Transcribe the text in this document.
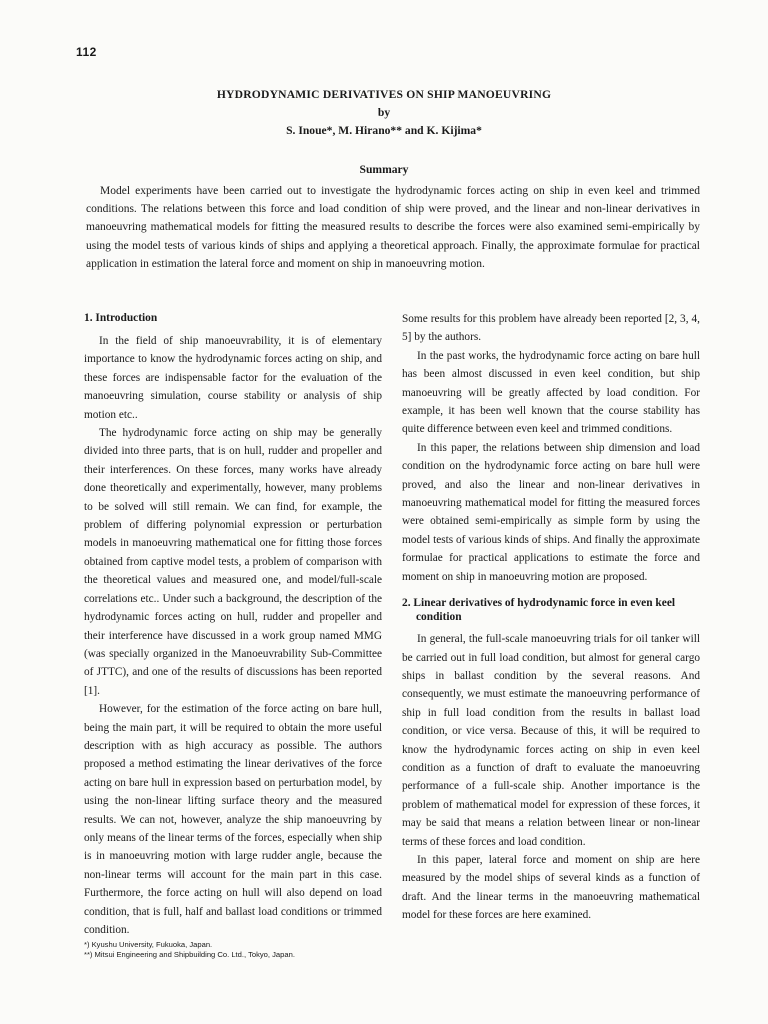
112

HYDRODYNAMIC DERIVATIVES ON SHIP MANOEUVRING

by

S. Inoue*, M. Hirano** and K. Kijima*

Summary

Model experiments have been carried out to investigate the hydrodynamic forces acting on ship in even keel and trimmed conditions. The relations between this force and load condition of ship were proved, and the linear and non-linear derivatives in manoeuvring mathematical models for fitting the measured results to describe the forces were also examined semi-empirically by using the model tests of various kinds of ships and applying a theoretical approach. Finally, the approximate formulae for practical application in estimation the lateral force and moment on ship in manoeuvring motion.

1. Introduction

In the field of ship manoeuvrability, it is of elementary importance to know the hydrodynamic forces acting on ship, and these forces are indispensable factor for the evaluation of the manoeuvring simulation, course stability or analysis of ship motion etc..

The hydrodynamic force acting on ship may be generally divided into three parts, that is on hull, rudder and propeller and their interferences. On these forces, many works have already done theoretically and experimentally, however, many problems to be solved will still remain. We can find, for example, the problem of differing polynomial expression or perturbation models in manoeuvring mathematical one for fitting those forces obtained from captive model tests, a problem of comparison with the theoretical values and measured one, and model/full-scale correlations etc.. Under such a background, the description of the hydrodynamic forces acting on hull, rudder and propeller and their interference have discussed in a work group named MMG (was specially organized in the Manoeuvrability Sub-Committee of JTTC), and one of the results of discussions has been reported [1].

However, for the estimation of the force acting on bare hull, being the main part, it will be required to obtain the more useful description with as high accuracy as possible. The authors proposed a method estimating the linear derivatives of the force acting on bare hull in expression based on perturbation model, by using the non-linear lifting surface theory and the measured results. We can not, however, analyze the ship manoeuvring by only means of the linear terms of the forces, especially when ship is in manoeuvring motion with large rudder angle, because the non-linear terms will account for the main part in this case. Furthermore, the force acting on hull will also depend on load condition, that is full, half and ballast load conditions or trimmed condition.

Some results for this problem have already been reported [2, 3, 4, 5] by the authors.

In the past works, the hydrodynamic force acting on bare hull has been almost discussed in even keel condition, but ship manoeuvring will be greatly affected by load condition. For example, it has been well known that the course stability has quite difference between even keel and trimmed conditions.

In this paper, the relations between ship dimension and load condition on the hydrodynamic force acting on bare hull were proved, and also the linear and non-linear derivatives in manoeuvring mathematical model for fitting the measured forces were obtained semi-empirically as simple form by using the model tests of various kinds of ships. And finally the approximate formulae for practical applications to estimate the force and moment on ship in manoeuvring motion are proposed.

2. Linear derivatives of hydrodynamic force in even keel condition

In general, the full-scale manoeuvring trials for oil tanker will be carried out in full load condition, but almost for general cargo ships in ballast condition by the several reasons. And consequently, we must estimate the manoeuvring performance of ship in full load condition from the results in ballast load condition, or vice versa. Because of this, it will be required to know the hydrodynamic forces acting on ship in even keel condition as a function of draft to evaluate the manoeuvring performance of a full-scale ship. Another importance is the problem of mathematical model for expression of these forces, it may be said that means a relation between linear or non-linear terms of these forces and load condition.

In this paper, lateral force and moment on ship are here measured by the model ships of several kinds as a function of draft. And the linear terms in the manoeuvring mathematical model for these forces are here examined.

*) Kyushu University, Fukuoka, Japan.
**) Mitsui Engineering and Shipbuilding Co. Ltd., Tokyo, Japan.
